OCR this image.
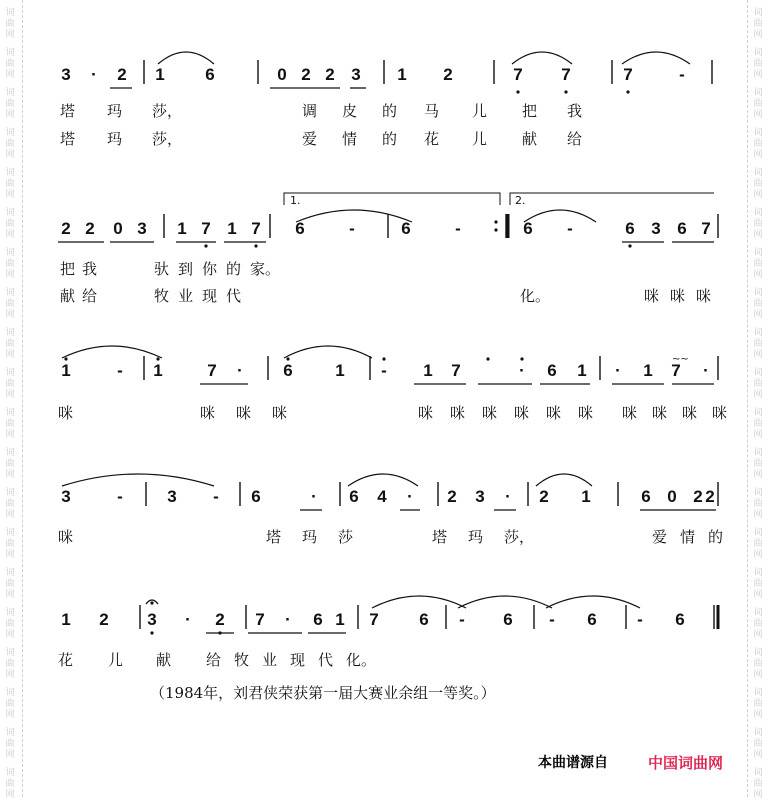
词
曲
网
词
曲
网
词
曲
网
词
曲
网
词
曲
网
词
曲
网
词
曲
网
词
曲
网
词
曲
网
词
曲
网
词
曲
网
词
曲
网
词
曲
网
词
曲
网
词
曲
网
词
曲
网
词
曲
网
词
曲
网
词
曲
网
词
曲
网
词
曲
网
词
曲
网
词
曲
网
词
曲
网
词
曲
网
词
曲
网
词
曲
网
词
曲
网
词
曲
网
词
曲
网
词
曲
网
词
曲
网
词
曲
网
词
曲
网
词
曲
网
词
曲
网
词
曲
网
词
曲
网
词
曲
网
词
曲
网
3 · 2 1 6	0 2 2 3 1 2	7 7	7	-
2 2 0 3 1 7 1 7 6	-	6	-	6 -	6 3 6 7
1	- 1	7 · 6	1 - 1 7	· 6 1 · 1 7 ·
3	-	3 - 6	· 6 4 · 2 3 · 2 1	6 0 2 2
1 2 3 · 2 7 · 6 1 7 6 - 6 - 6 - 6
1.	2.
~~
塔 玛 莎，	调 皮 的 马 儿 把 我
塔 玛 莎，	爱 情 的 花 儿 献 给
把 我	驮 到 你 的 家。
献 给	牧 业 现 代	化。	咪 咪 咪
咪	咪 咪 咪	咪 咪 咪 咪 咪 咪 咪 咪 咪 咪
咪	塔 玛 莎	塔 玛 莎，	爱 情 的
花 儿 献 给 牧 业 现 代 化。
（1984年，刘君侠荣获第一届大赛业余组一等奖。）
本曲谱源自	中国词曲网
